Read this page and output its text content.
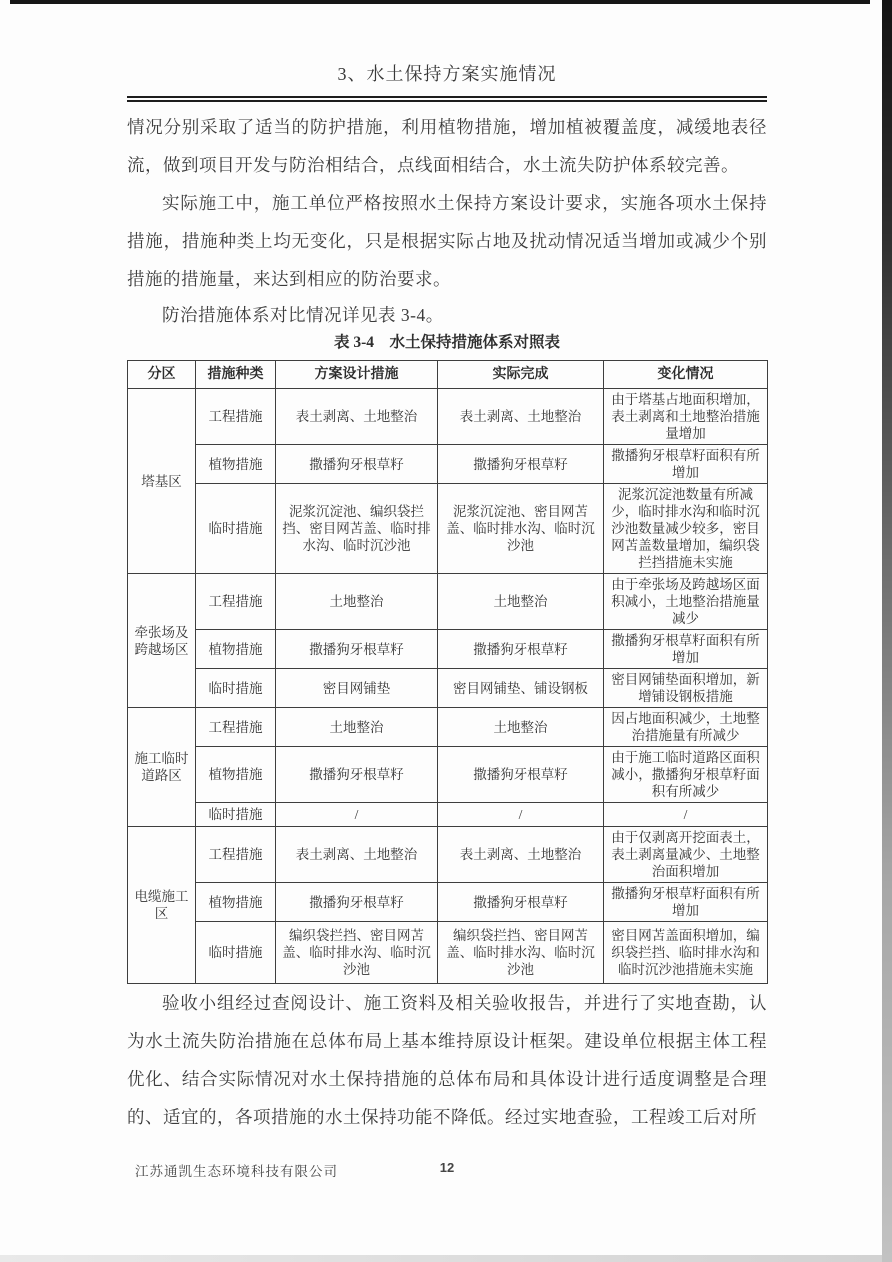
3、水土保持方案实施情况

情况分别采取了适当的防护措施，利用植物措施，增加植被覆盖度，减缓地表径流，做到项目开发与防治相结合，点线面相结合，水土流失防护体系较完善。

实际施工中，施工单位严格按照水土保持方案设计要求，实施各项水土保持措施，措施种类上均无变化，只是根据实际占地及扰动情况适当增加或减少个别措施的措施量，来达到相应的防治要求。

防治措施体系对比情况详见表 3-4。

表 3-4　水土保持措施体系对照表
分区	措施种类	方案设计措施	实际完成	变化情况
塔基区	工程措施	表土剥离、土地整治	表土剥离、土地整治	由于塔基占地面积增加，表土剥离和土地整治措施量增加
	植物措施	撒播狗牙根草籽	撒播狗牙根草籽	撒播狗牙根草籽面积有所增加
	临时措施	泥浆沉淀池、编织袋拦挡、密目网苫盖、临时排水沟、临时沉沙池	泥浆沉淀池、密目网苫盖、临时排水沟、临时沉沙池	泥浆沉淀池数量有所减少，临时排水沟和临时沉沙池数量减少较多，密目网苫盖数量增加，编织袋拦挡措施未实施
牵张场及跨越场区	工程措施	土地整治	土地整治	由于牵张场及跨越场区面积减小，土地整治措施量减少
	植物措施	撒播狗牙根草籽	撒播狗牙根草籽	撒播狗牙根草籽面积有所增加
	临时措施	密目网铺垫	密目网铺垫、铺设钢板	密目网铺垫面积增加，新增铺设钢板措施
施工临时道路区	工程措施	土地整治	土地整治	因占地面积减少，土地整治措施量有所减少
	植物措施	撒播狗牙根草籽	撒播狗牙根草籽	由于施工临时道路区面积减小，撒播狗牙根草籽面积有所减少
	临时措施	/	/	/
电缆施工区	工程措施	表土剥离、土地整治	表土剥离、土地整治	由于仅剥离开挖面表土，表土剥离量减少、土地整治面积增加
	植物措施	撒播狗牙根草籽	撒播狗牙根草籽	撒播狗牙根草籽面积有所增加
	临时措施	编织袋拦挡、密目网苫盖、临时排水沟、临时沉沙池	编织袋拦挡、密目网苫盖、临时排水沟、临时沉沙池	密目网苫盖面积增加，编织袋拦挡、临时排水沟和临时沉沙池措施未实施

验收小组经过查阅设计、施工资料及相关验收报告，并进行了实地查勘，认为水土流失防治措施在总体布局上基本维持原设计框架。建设单位根据主体工程优化、结合实际情况对水土保持措施的总体布局和具体设计进行适度调整是合理的、适宜的，各项措施的水土保持功能不降低。经过实地查验，工程竣工后对所

12
江苏通凯生态环境科技有限公司
